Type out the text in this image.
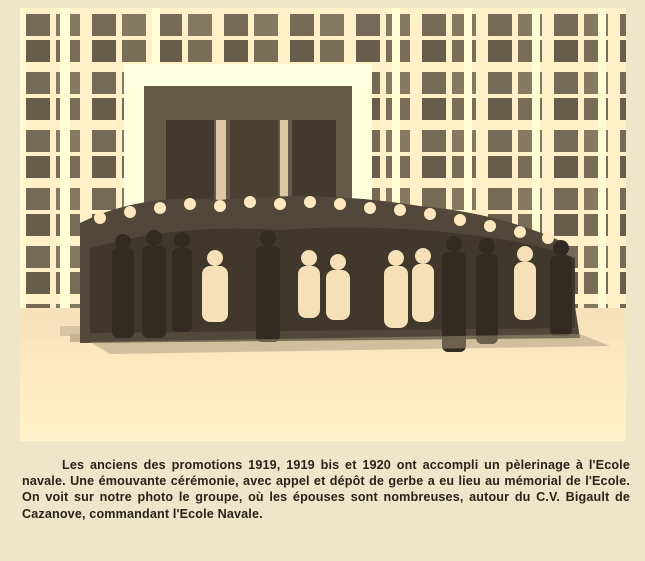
Les anciens des promotions 1919, 1919 bis et 1920 ont accompli un pèlerinage à l'Ecole navale. Une émouvante cérémonie, avec appel et dépôt de gerbe a eu lieu au mémorial de l'Ecole. On voit sur notre photo le groupe, où les épouses sont nombreuses, autour du C.V. Bigault de Cazanove, commandant l'Ecole Navale.
